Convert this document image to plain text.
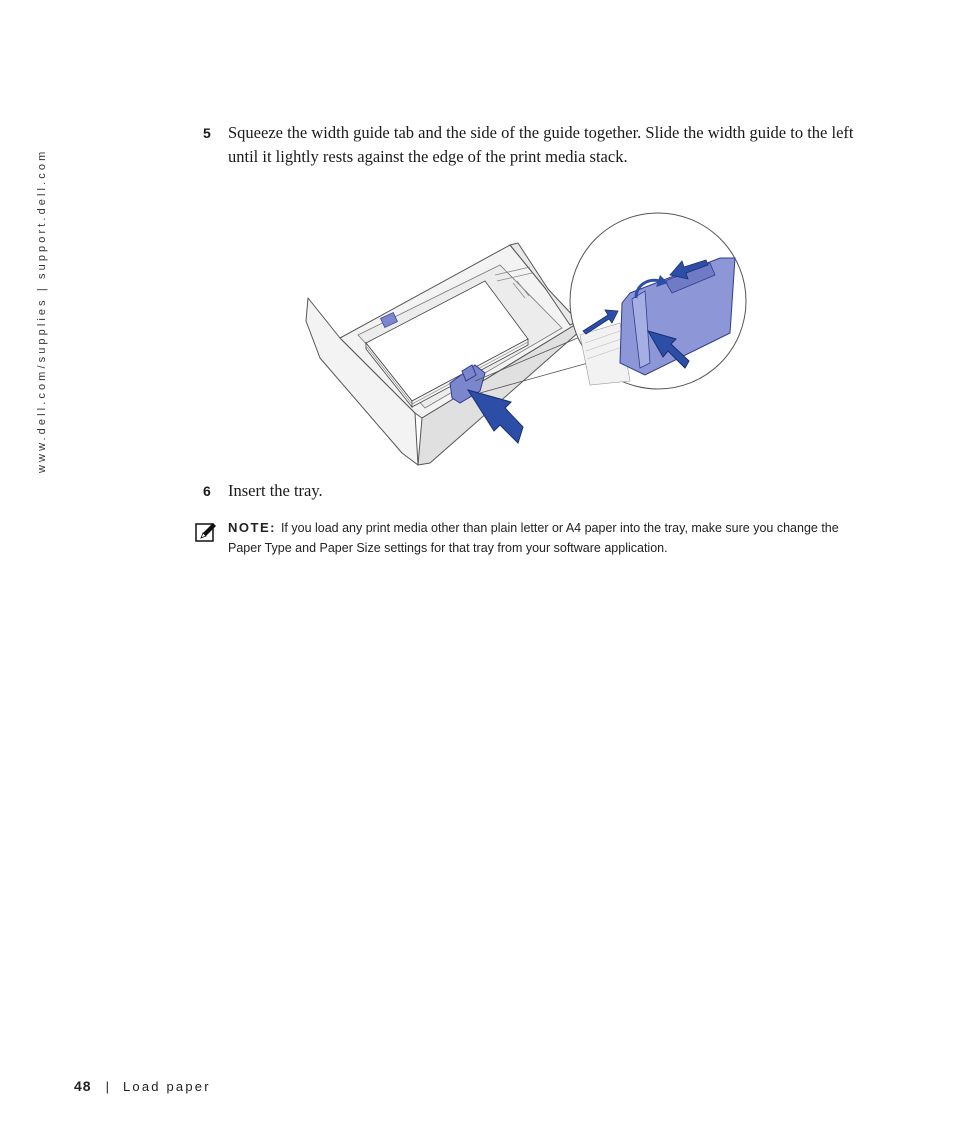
www.dell.com/supplies | support.dell.com
5 Squeeze the width guide tab and the side of the guide together. Slide the width guide to the left until it lightly rests against the edge of the print media stack.
6 Insert the tray.
NOTE: If you load any print media other than plain letter or A4 paper into the tray, make sure you change the Paper Type and Paper Size settings for that tray from your software application.
48 | Load paper
